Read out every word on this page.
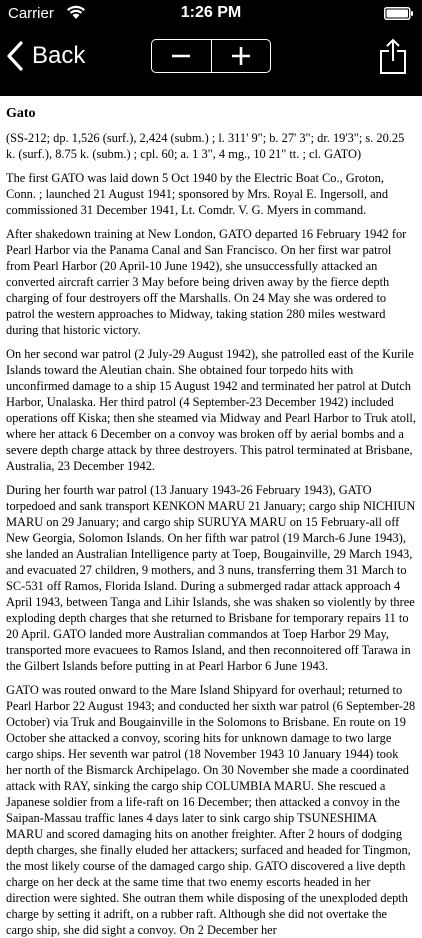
Carrier	1:26 PM
Back
Gato

(SS-212; dp. 1,526 (surf.), 2,424 (subm.) ; l. 311' 9"; b. 27' 3"; dr. 19'3"; s. 20.25 k. (surf.), 8.75 k. (subm.) ; cpl. 60; a. 1 3", 4 mg., 10 21" tt. ; cl. GATO)

The first GATO was laid down 5 Oct 1940 by the Electric Boat Co., Groton, Conn. ; launched 21 August 1941; sponsored by Mrs. Royal E. Ingersoll, and commissioned 31 December 1941, Lt. Comdr. V. G. Myers in command.

After shakedown training at New London, GATO departed 16 February 1942 for Pearl Harbor via the Panama Canal and San Francisco. On her first war patrol from Pearl Harbor (20 April-10 June 1942), she unsuccessfully attacked an converted aircraft carrier 3 May before being driven away by the fierce depth charging of four destroyers off the Marshalls. On 24 May she was ordered to patrol the western approaches to Midway, taking station 280 miles westward during that historic victory.

On her second war patrol (2 July-29 August 1942), she patrolled east of the Kurile Islands toward the Aleutian chain. She obtained four torpedo hits with unconfirmed damage to a ship 15 August 1942 and terminated her patrol at Dutch Harbor, Unalaska. Her third patrol (4 September-23 December 1942) included operations off Kiska; then she steamed via Midway and Pearl Harbor to Truk atoll, where her attack 6 December on a convoy was broken off by aerial bombs and a severe depth charge attack by three destroyers. This patrol terminated at Brisbane, Australia, 23 December 1942.

During her fourth war patrol (13 January 1943-26 February 1943), GATO torpedoed and sank transport KENKON MARU 21 January; cargo ship NICHIUN MARU on 29 January; and cargo ship SURUYA MARU on 15 February-all off New Georgia, Solomon Islands. On her fifth war patrol (19 March-6 June 1943), she landed an Australian Intelligence party at Toep, Bougainville, 29 March 1943, and evacuated 27 children, 9 mothers, and 3 nuns, transferring them 31 March to SC-531 off Ramos, Florida Island. During a submerged radar attack approach 4 April 1943, between Tanga and Lihir Islands, she was shaken so violently by three exploding depth charges that she returned to Brisbane for temporary repairs 11 to 20 April. GATO landed more Australian commandos at Toep Harbor 29 May, transported more evacuees to Ramos Island, and then reconnoitered off Tarawa in the Gilbert Islands before putting in at Pearl Harbor 6 June 1943.

GATO was routed onward to the Mare Island Shipyard for overhaul; returned to Pearl Harbor 22 August 1943; and conducted her sixth war patrol (6 September-28 October) via Truk and Bougainville in the Solomons to Brisbane. En route on 19 October she attacked a convoy, scoring hits for unknown damage to two large cargo ships. Her seventh war patrol (18 November 1943 10 January 1944) took her north of the Bismarck Archipelago. On 30 November she made a coordinated attack with RAY, sinking the cargo ship COLUMBIA MARU. She rescued a Japanese soldier from a life-raft on 16 December; then attacked a convoy in the Saipan-Massau traffic lanes 4 days later to sink cargo ship TSUNESHIMA MARU and scored damaging hits on another freighter. After 2 hours of dodging depth charges, she finally eluded her attackers; surfaced and headed for Tingmon, the most likely course of the damaged cargo ship. GATO discovered a live depth charge on her deck at the same time that two enemy escorts headed in her direction were sighted. She outran them while disposing of the unexploded depth charge by setting it adrift, on a rubber raft. Although she did not overtake the cargo ship, she did sight a convoy. On 2 December her
